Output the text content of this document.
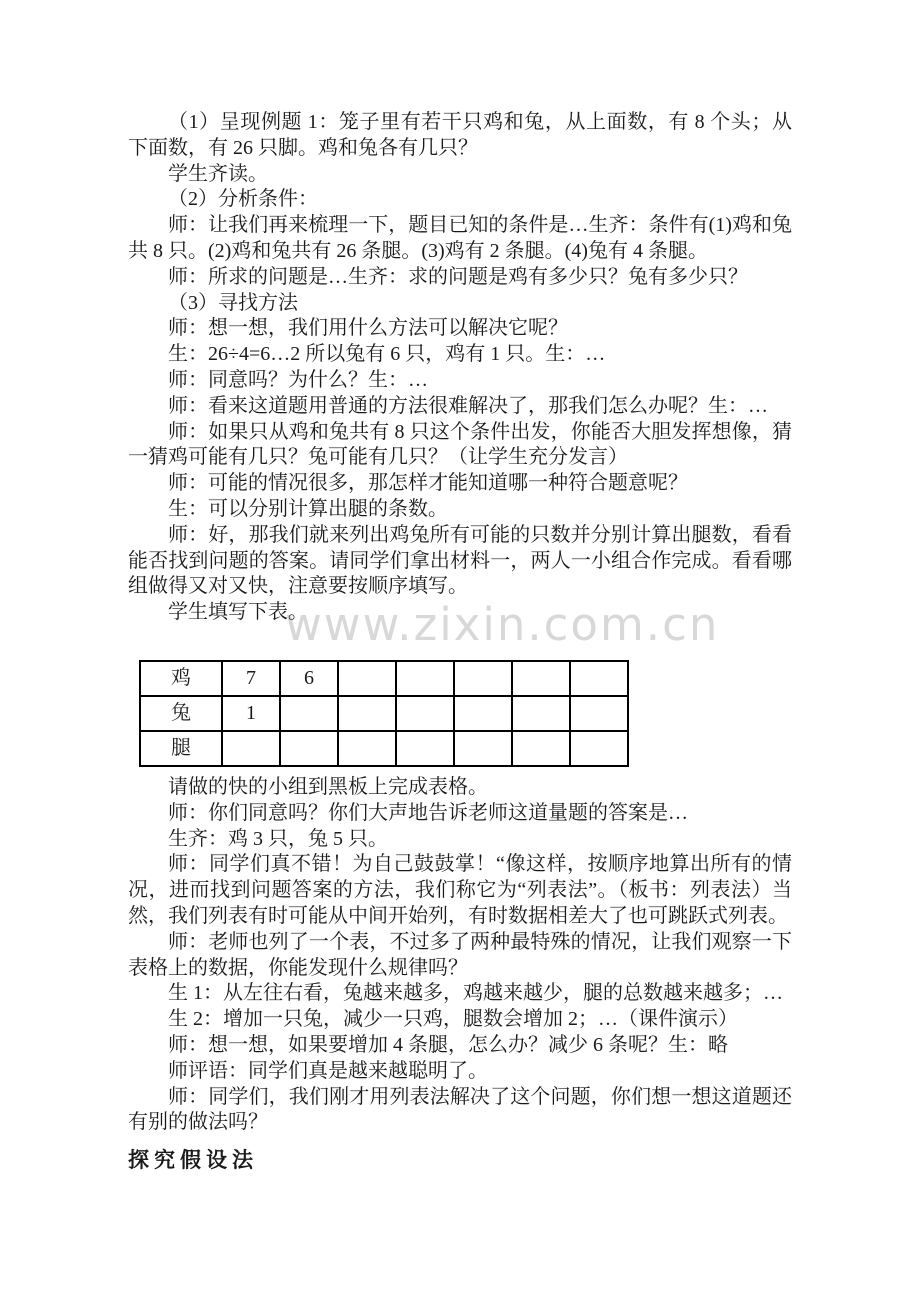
www.zixin.com.cn

（1）呈现例题 1：笼子里有若干只鸡和兔，从上面数，有 8 个头；从下面数，有 26 只脚。鸡和兔各有几只？

学生齐读。

（2）分析条件：

师：让我们再来梳理一下，题目已知的条件是…生齐：条件有(1)鸡和兔共 8 只。(2)鸡和兔共有 26 条腿。(3)鸡有 2 条腿。(4)兔有 4 条腿。

师：所求的问题是…生齐：求的问题是鸡有多少只？兔有多少只？

（3）寻找方法

师：想一想，我们用什么方法可以解决它呢？

生：26÷4=6…2 所以兔有 6 只，鸡有 1 只。生：…

师：同意吗？为什么？生：…

师：看来这道题用普通的方法很难解决了，那我们怎么办呢？生：…

师：如果只从鸡和兔共有 8 只这个条件出发，你能否大胆发挥想像，猜一猜鸡可能有几只？兔可能有几只？（让学生充分发言）

师：可能的情况很多，那怎样才能知道哪一种符合题意呢？

生：可以分别计算出腿的条数。

师：好，那我们就来列出鸡兔所有可能的只数并分别计算出腿数，看看能否找到问题的答案。请同学们拿出材料一，两人一小组合作完成。看看哪组做得又对又快，注意要按顺序填写。

学生填写下表。

鸡	7	6					
兔	1						
腿							

请做的快的小组到黑板上完成表格。

师：你们同意吗？你们大声地告诉老师这道量题的答案是…

生齐：鸡 3 只，兔 5 只。

师：同学们真不错！为自己鼓鼓掌！“像这样，按顺序地算出所有的情况，进而找到问题答案的方法，我们称它为“列表法”。（板书：列表法）当然，我们列表有时可能从中间开始列，有时数据相差大了也可跳跃式列表。

师：老师也列了一个表，不过多了两种最特殊的情况，让我们观察一下表格上的数据，你能发现什么规律吗？

生 1：从左往右看，兔越来越多，鸡越来越少，腿的总数越来越多；…

生 2：增加一只兔，减少一只鸡，腿数会增加 2；…（课件演示）

师：想一想，如果要增加 4 条腿，怎么办？减少 6 条呢？生：略

师评语：同学们真是越来越聪明了。

师：同学们，我们刚才用列表法解决了这个问题，你们想一想这道题还有别的做法吗？

探究假设法
